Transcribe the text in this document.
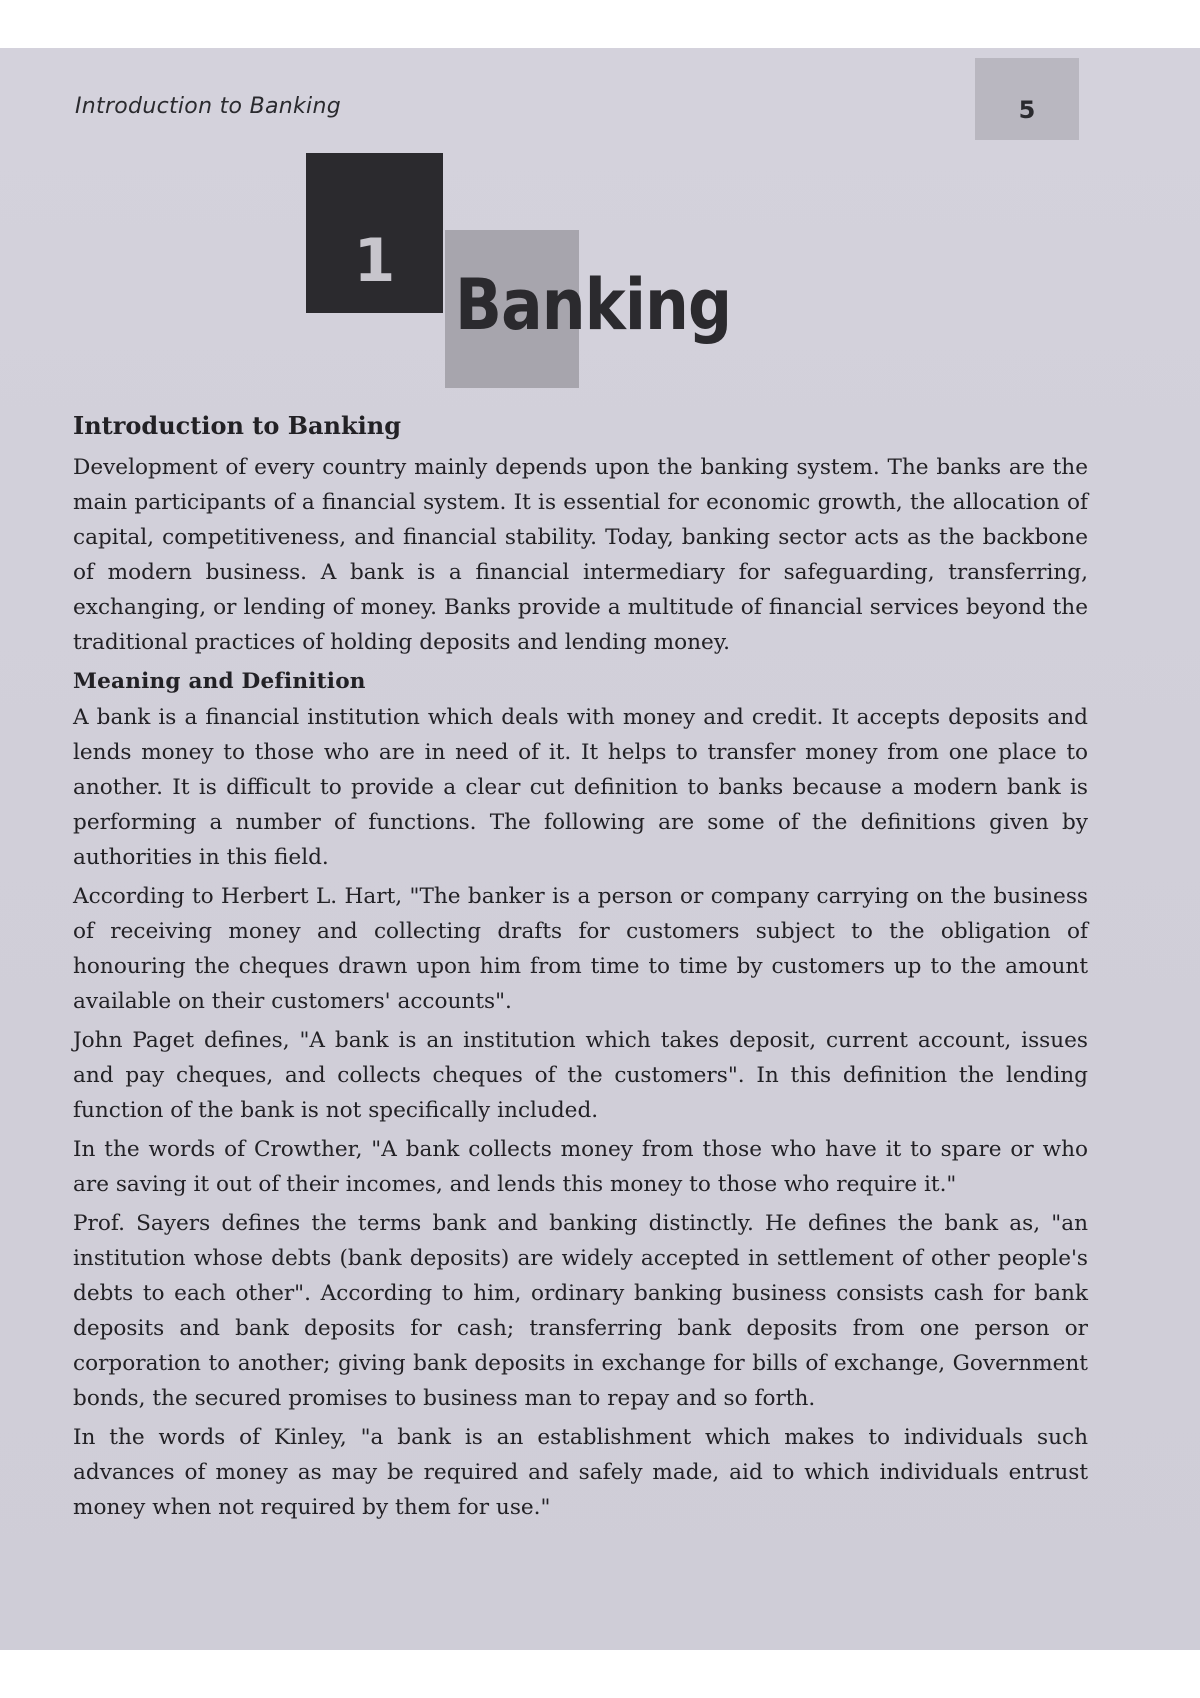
Introduction to Banking	5
1
Banking
Introduction to Banking

Development of every country mainly depends upon the banking system. The banks are the main participants of a financial system. It is essential for economic growth, the allocation of capital, competitiveness, and financial stability. Today, banking sector acts as the backbone of modern business. A bank is a financial intermediary for safeguarding, transferring, exchanging, or lending of money. Banks provide a multitude of financial services beyond the traditional practices of holding deposits and lending money.

Meaning and Definition

A bank is a financial institution which deals with money and credit. It accepts deposits and lends money to those who are in need of it. It helps to transfer money from one place to another. It is difficult to provide a clear cut definition to banks because a modern bank is performing a number of functions. The following are some of the definitions given by authorities in this field.

According to Herbert L. Hart, "The banker is a person or company carrying on the business of receiving money and collecting drafts for customers subject to the obligation of honouring the cheques drawn upon him from time to time by customers up to the amount available on their customers' accounts".

John Paget defines, "A bank is an institution which takes deposit, current account, issues and pay cheques, and collects cheques of the customers". In this definition the lending function of the bank is not specifically included.

In the words of Crowther, "A bank collects money from those who have it to spare or who are saving it out of their incomes, and lends this money to those who require it."

Prof. Sayers defines the terms bank and banking distinctly. He defines the bank as, "an institution whose debts (bank deposits) are widely accepted in settlement of other people's debts to each other". According to him, ordinary banking business consists cash for bank deposits and bank deposits for cash; transferring bank deposits from one person or corporation to another; giving bank deposits in exchange for bills of exchange, Government bonds, the secured promises to business man to repay and so forth.

In the words of Kinley, "a bank is an establishment which makes to individuals such advances of money as may be required and safely made, aid to which individuals entrust money when not required by them for use."
